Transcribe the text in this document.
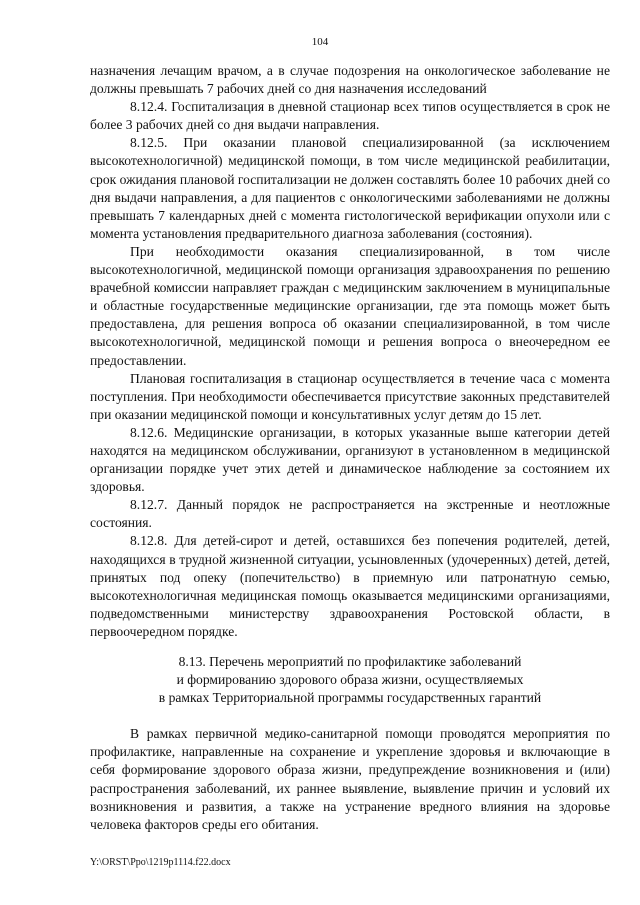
104

назначения лечащим врачом, а в случае подозрения на онкологическое заболевание не должны превышать 7 рабочих дней со дня назначения исследований

8.12.4. Госпитализация в дневной стационар всех типов осуществляется в срок не более 3 рабочих дней со дня выдачи направления.

8.12.5. При оказании плановой специализированной (за исключением высокотехнологичной) медицинской помощи, в том числе медицинской реабилитации, срок ожидания плановой госпитализации не должен составлять более 10 рабочих дней со дня выдачи направления, а для пациентов с онкологическими заболеваниями не должны превышать 7 календарных дней с момента гистологической верификации опухоли или с момента установления предварительного диагноза заболевания (состояния).

При необходимости оказания специализированной, в том числе высокотехнологичной, медицинской помощи организация здравоохранения по решению врачебной комиссии направляет граждан с медицинским заключением в муниципальные и областные государственные медицинские организации, где эта помощь может быть предоставлена, для решения вопроса об оказании специализированной, в том числе высокотехнологичной, медицинской помощи и решения вопроса о внеочередном ее предоставлении.

Плановая госпитализация в стационар осуществляется в течение часа с момента поступления. При необходимости обеспечивается присутствие законных представителей при оказании медицинской помощи и консультативных услуг детям до 15 лет.

8.12.6. Медицинские организации, в которых указанные выше категории детей находятся на медицинском обслуживании, организуют в установленном в медицинской организации порядке учет этих детей и динамическое наблюдение за состоянием их здоровья.

8.12.7. Данный порядок не распространяется на экстренные и неотложные состояния.

8.12.8. Для детей-сирот и детей, оставшихся без попечения родителей, детей, находящихся в трудной жизненной ситуации, усыновленных (удочеренных) детей, детей, принятых под опеку (попечительство) в приемную или патронатную семью, высокотехнологичная медицинская помощь оказывается медицинскими организациями, подведомственными министерству здравоохранения Ростовской области, в первоочередном порядке.

8.13. Перечень мероприятий по профилактике заболеваний
и формированию здорового образа жизни, осуществляемых
в рамках Территориальной программы государственных гарантий

В рамках первичной медико-санитарной помощи проводятся мероприятия по профилактике, направленные на сохранение и укрепление здоровья и включающие в себя формирование здорового образа жизни, предупреждение возникновения и (или) распространения заболеваний, их раннее выявление, выявление причин и условий их возникновения и развития, а также на устранение вредного влияния на здоровье человека факторов среды его обитания.

Y:\ORST\Ppo\1219p1114.f22.docx
